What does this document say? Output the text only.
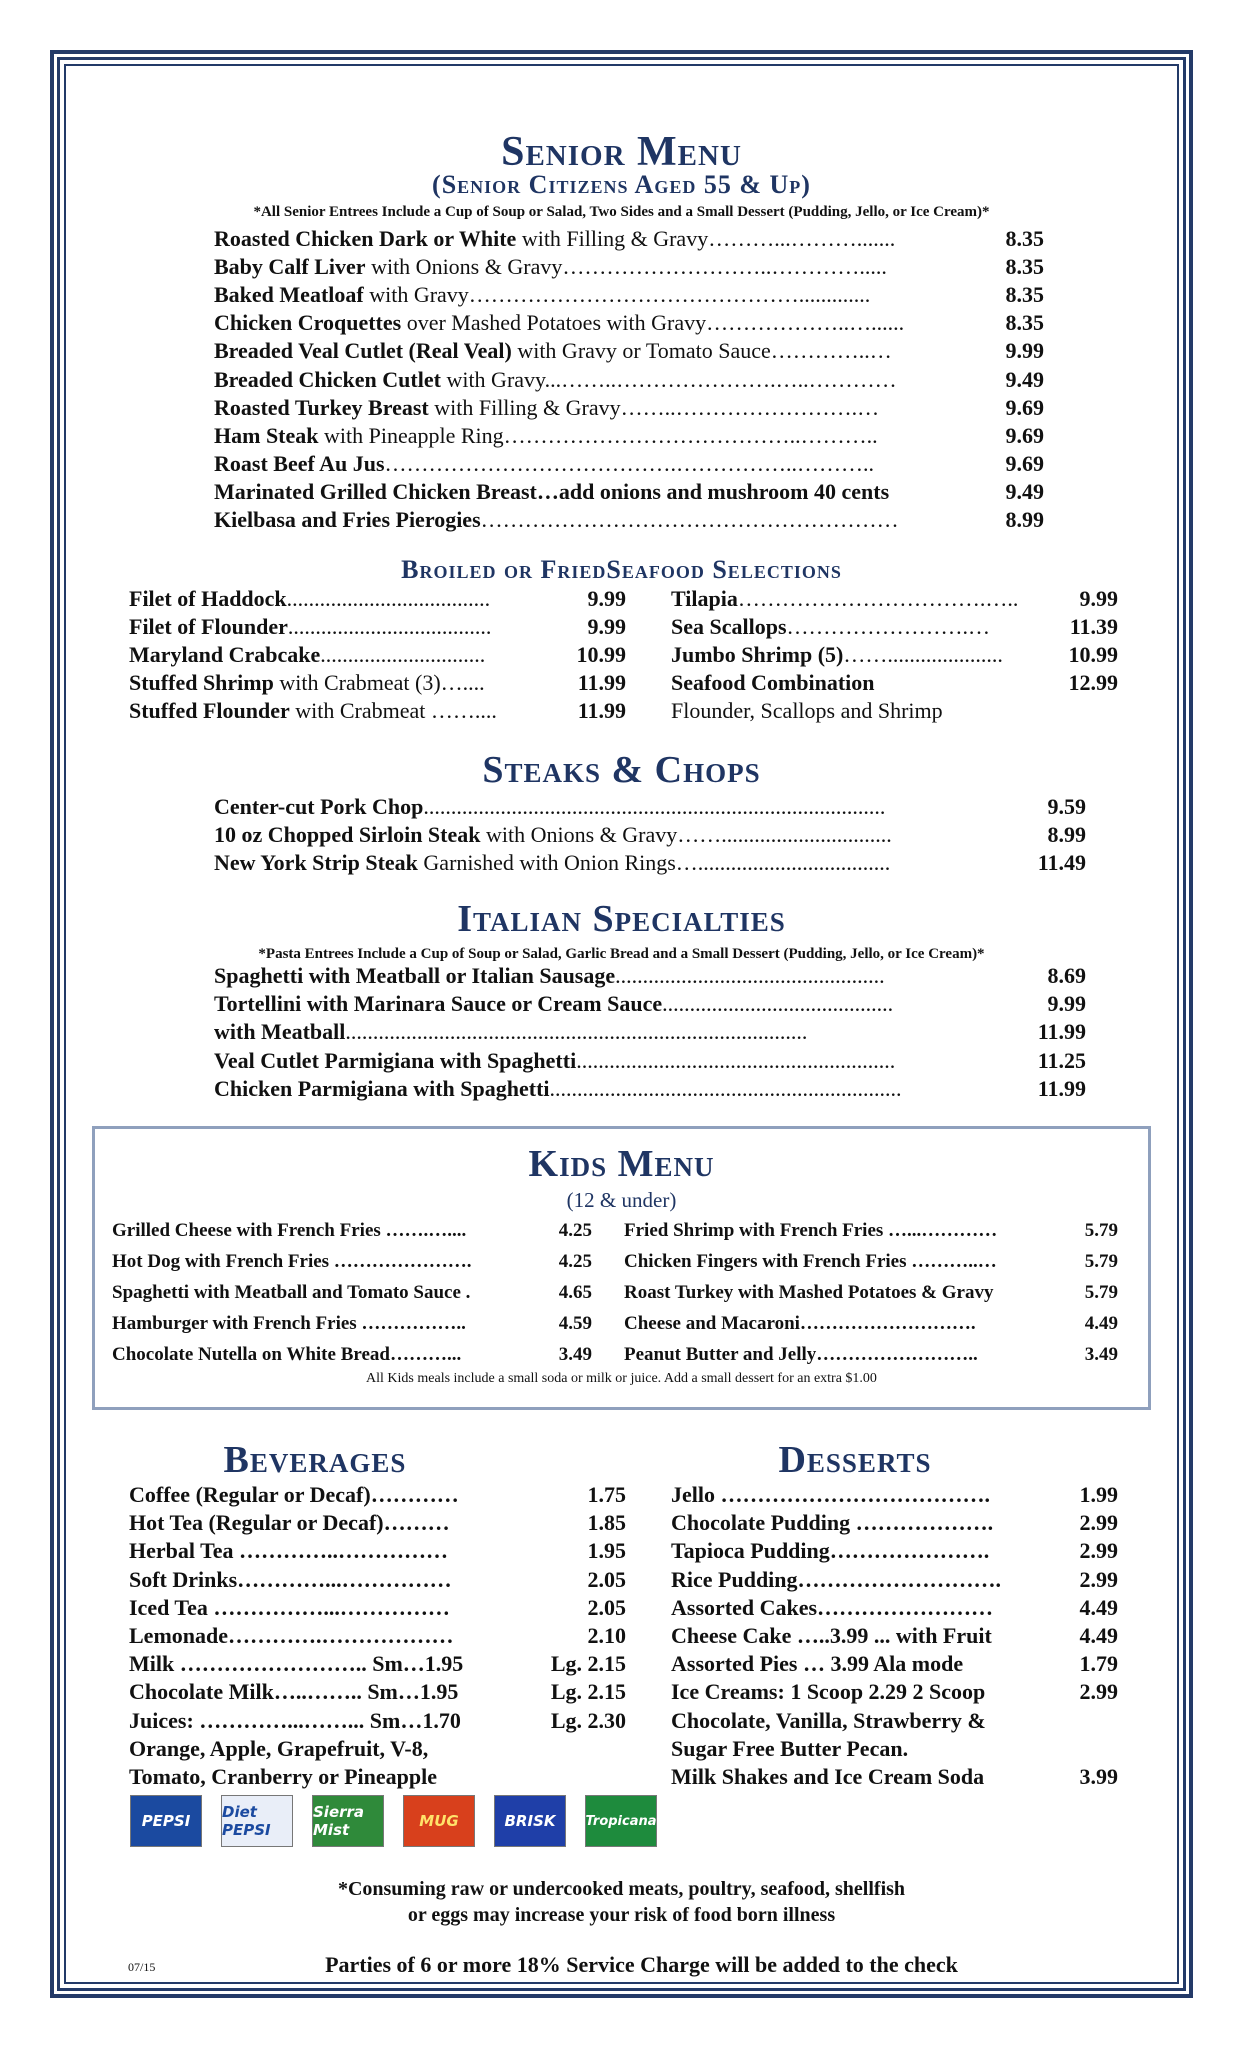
Senior Menu
(Senior Citizens Aged 55 & Up)
*All Senior Entrees Include a Cup of Soup or Salad, Two Sides and a Small Dessert (Pudding, Jello, or Ice Cream)*
Roasted Chicken Dark or White with Filling & Gravy………...……….......	8.35
Baby Calf Liver with Onions & Gravy………………………..………….....	8.35
Baked Meatloaf with Gravy……………………………………….............	8.35
Chicken Croquettes over Mashed Potatoes with Gravy………………..…......	8.35
Breaded Veal Cutlet (Real Veal) with Gravy or Tomato Sauce…………..…	9.99
Breaded Chicken Cutlet with Gravy...……..………………….…..…………	9.49
Roasted Turkey Breast with Filling & Gravy……..…………………….…	9.69
Ham Steak with Pineapple Ring…………………………………..………..	9.69
Roast Beef Au Jus………………………………….……………..………..	9.69
Marinated Grilled Chicken Breast…add onions and mushroom 40 cents	9.49
Kielbasa and Fries Pierogies…………………………………………………	8.99
Broiled or FriedSeafood Selections
Filet of Haddock.....................................	9.99
Filet of Flounder.....................................	9.99
Maryland Crabcake..............................	10.99
Stuffed Shrimp with Crabmeat (3)…....	11.99
Stuffed Flounder with Crabmeat ……....	11.99
Tilapia…………………………….…..	9.99
Sea Scallops…………………….…	11.39
Jumbo Shrimp (5)…….....................	10.99
Seafood Combination	12.99
Flounder, Scallops and Shrimp
Steaks & Chops
Center-cut Pork Chop....................................................................................	9.59
10 oz Chopped Sirloin Steak with Onions & Gravy……...............................	8.99
New York Strip Steak Garnished with Onion Rings…...................................	11.49
Italian Specialties
*Pasta Entrees Include a Cup of Soup or Salad, Garlic Bread and a Small Dessert (Pudding, Jello, or Ice Cream)*
Spaghetti with Meatball or Italian Sausage.................................................	8.69
Tortellini with Marinara Sauce or Cream Sauce..........................................	9.99
with Meatball....................................................................................	11.99
Veal Cutlet Parmigiana with Spaghetti..........................................................	11.25
Chicken Parmigiana with Spaghetti................................................................	11.99
Kids Menu
(12 & under)
Grilled Cheese with French Fries …….…....	4.25
Hot Dog with French Fries ………………….	4.25
Spaghetti with Meatball and Tomato Sauce .	4.65
Hamburger with French Fries ……………..	4.59
Chocolate Nutella on White Bread………...	3.49
Fried Shrimp with French Fries …...…………	5.79
Chicken Fingers with French Fries ………..…	5.79
Roast Turkey with Mashed Potatoes & Gravy	5.79
Cheese and Macaroni……………………….	4.49
Peanut Butter and Jelly……………………..	3.49
All Kids meals include a small soda or milk or juice. Add a small dessert for an extra $1.00
Beverages
Coffee (Regular or Decaf)…………	1.75
Hot Tea (Regular or Decaf)………	1.85
Herbal Tea …………..……………	1.95
Soft Drinks…………...……………	2.05
Iced Tea ……………...……………	2.05
Lemonade………….………………	2.10
Milk …………………….. Sm…1.95	Lg. 2.15
Chocolate Milk…..…….. Sm…1.95	Lg. 2.15
Juices: …………...……... Sm…1.70	Lg. 2.30
Orange, Apple, Grapefruit, V-8,
Tomato, Cranberry or Pineapple
PEPSI	Diet PEPSI
Sierra Mist	MUG	BRISK	Tropicana
Desserts
Jello ……………………………….	1.99
Chocolate Pudding ……………….	2.99
Tapioca Pudding………………….	2.99
Rice Pudding……………………….	2.99
Assorted Cakes……………………	4.49
Cheese Cake …..3.99 ... with Fruit	4.49
Assorted Pies … 3.99 Ala mode	1.79
Ice Creams: 1 Scoop 2.29 2 Scoop	2.99
Chocolate, Vanilla, Strawberry &
Sugar Free Butter Pecan.
Milk Shakes and Ice Cream Soda	3.99
*Consuming raw or undercooked meats, poultry, seafood, shellfish
or eggs may increase your risk of food born illness
07/15	Parties of 6 or more 18% Service Charge will be added to the check
